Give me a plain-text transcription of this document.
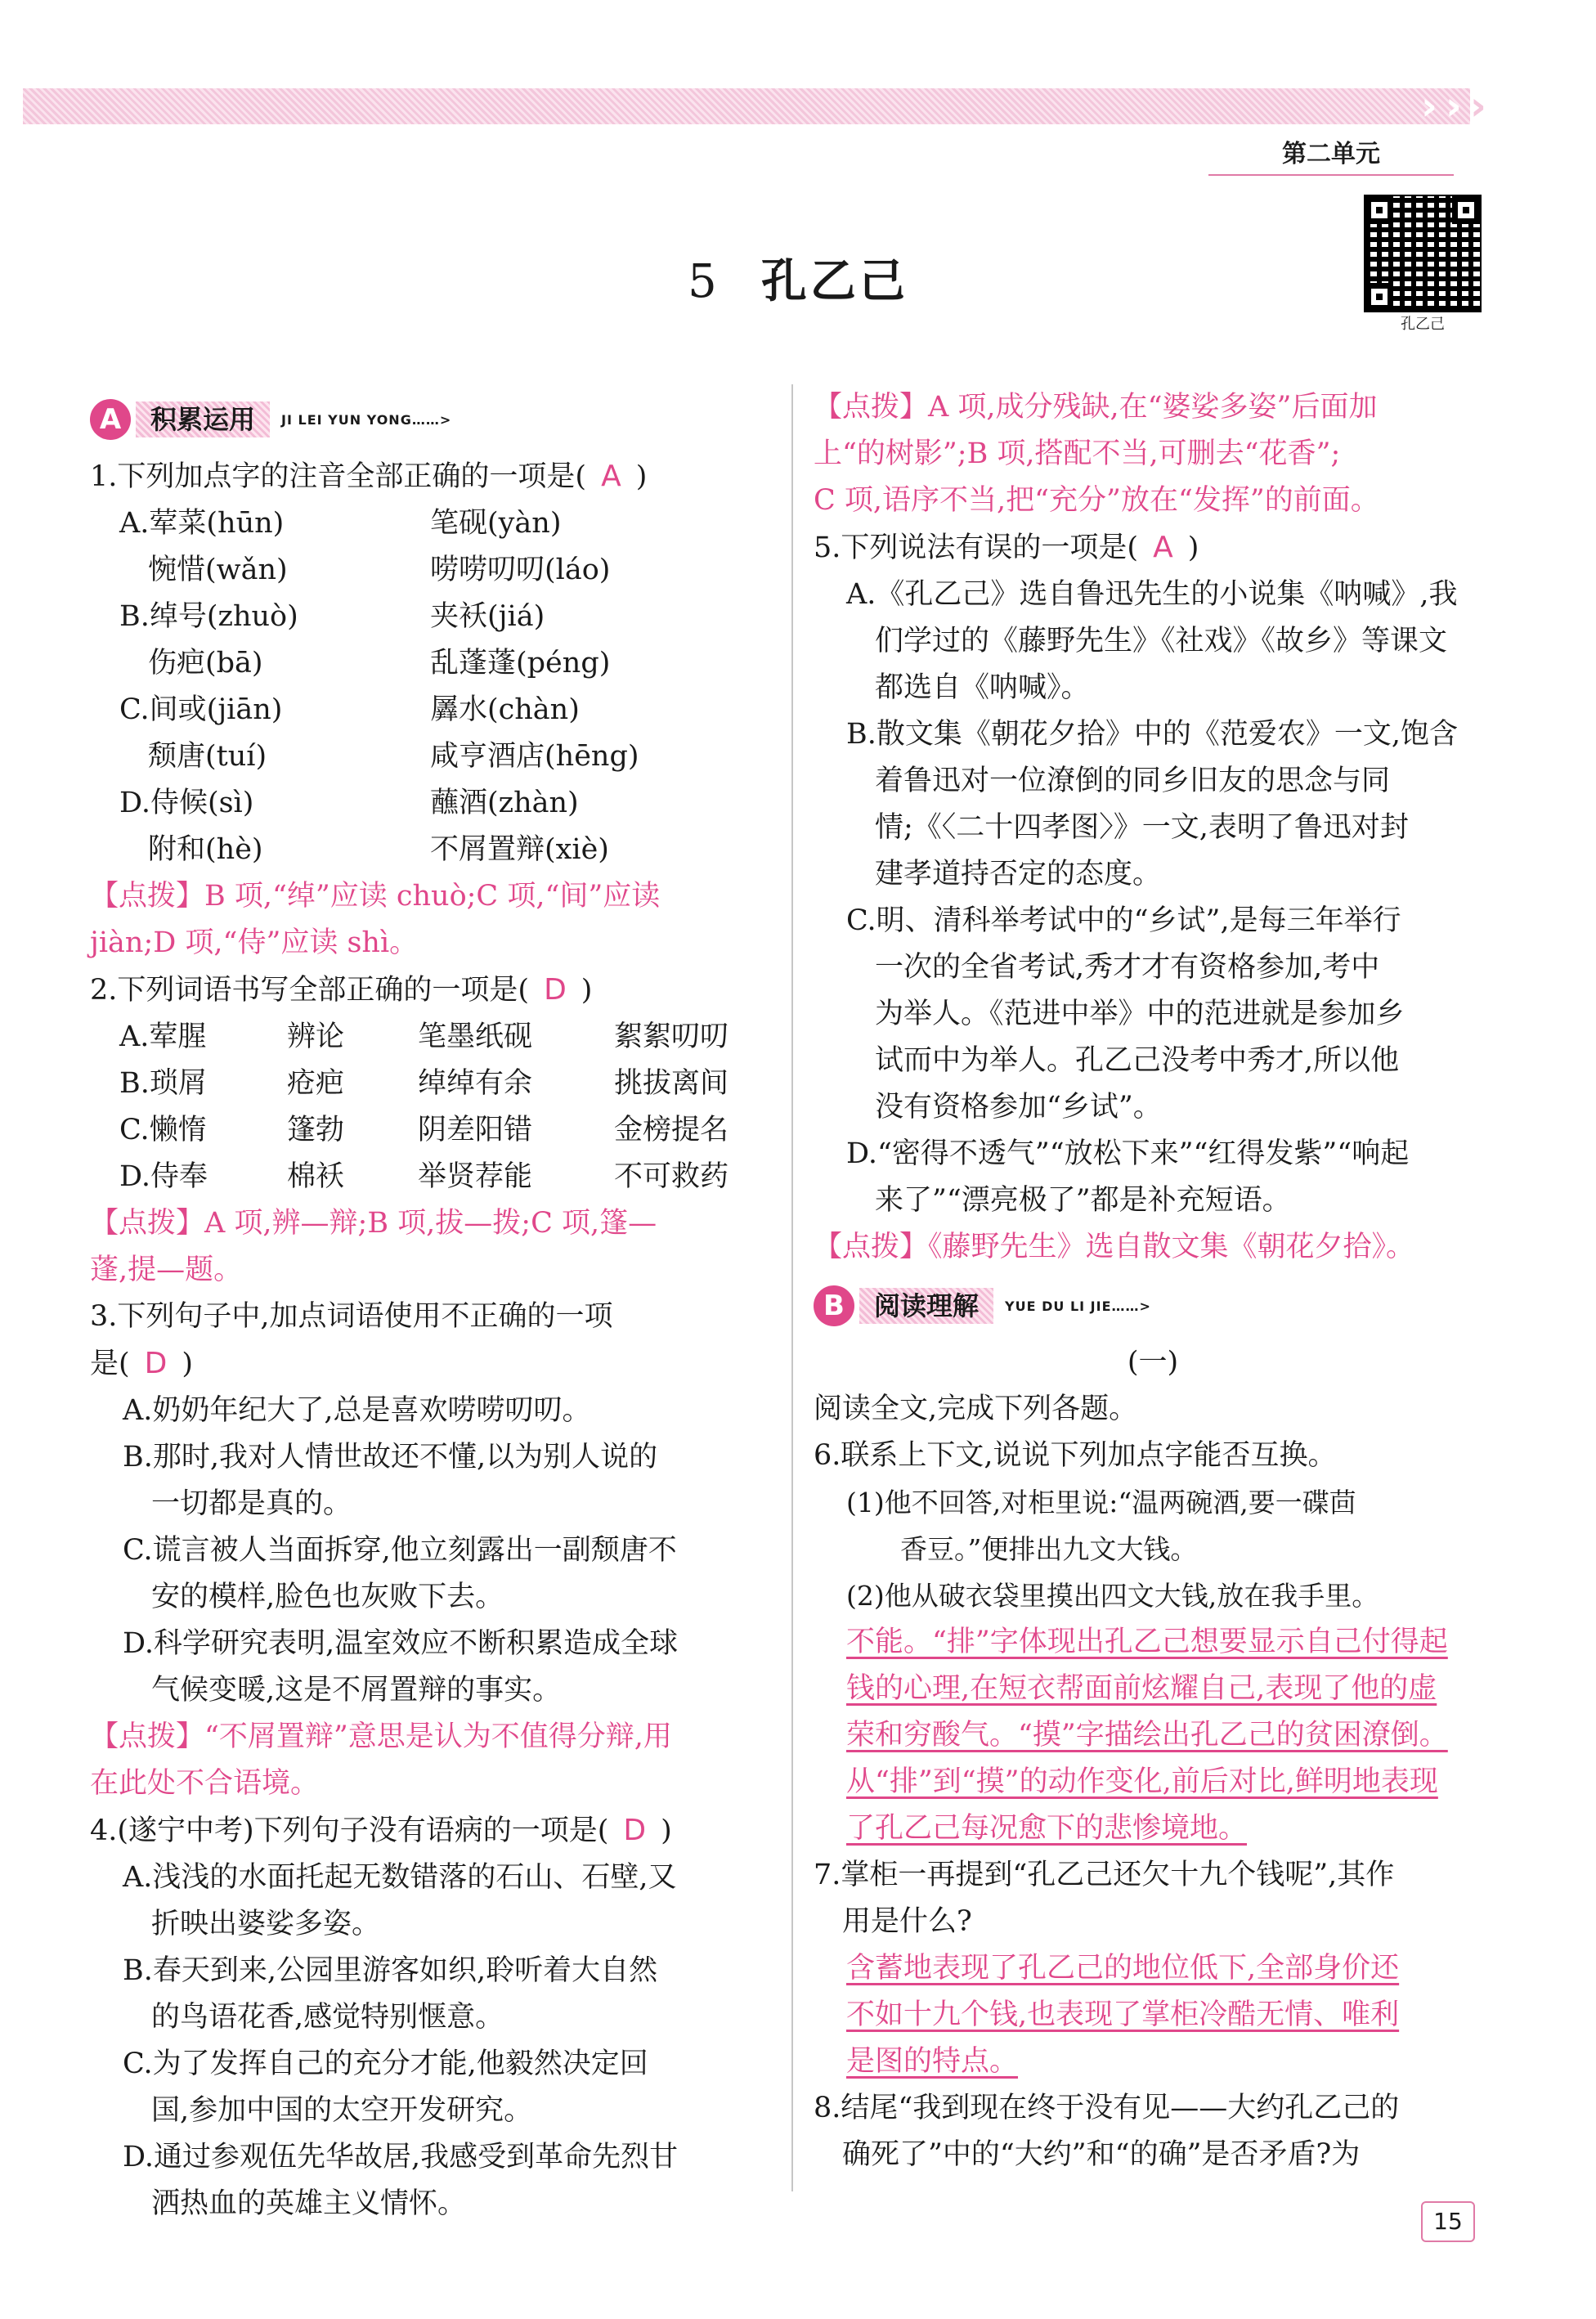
› › ›
第二单元
孔乙己
5 孔乙己
A	积累运用	JI LEI YUN YONG……>
1.下列加点字的注音全部正确的一项是( A )
A.荤菜(hūn)	笔砚(yàn)
　惋惜(wǎn)	唠唠叨叨(láo)
B.绰号(zhuò)	夹袄(jiá)
　伤疤(bā)	乱蓬蓬(péng)
C.间或(jiān)	羼水(chàn)
　颓唐(tuí)	咸亨酒店(hēng)
D.侍候(sì)	蘸酒(zhàn)
　附和(hè)	不屑置辩(xiè)
【点拨】B 项,“绰”应读 chuò;C 项,“间”应读
jiàn;D 项,“侍”应读 shì。
2.下列词语书写全部正确的一项是( D )
A.荤腥	辨论	笔墨纸砚	絮絮叨叨
B.琐屑	疮疤	绰绰有余	挑拔离间
C.懒惰	篷勃	阴差阳错	金榜提名
D.侍奉	棉袄	举贤荐能	不可救药
【点拨】A 项,辨—辩;B 项,拔—拨;C 项,篷—
蓬,提—题。
3.下列句子中,加点词语使用不正确的一项
是( D )
A.奶奶年纪大了,总是喜欢唠唠叨叨。
B.那时,我对人情世故还不懂,以为别人说的
　一切都是真的。
C.谎言被人当面拆穿,他立刻露出一副颓唐不
　安的模样,脸色也灰败下去。
D.科学研究表明,温室效应不断积累造成全球
　气候变暖,这是不屑置辩的事实。
【点拨】“不屑置辩”意思是认为不值得分辩,用
在此处不合语境。
4.(遂宁中考)下列句子没有语病的一项是( D )
A.浅浅的水面托起无数错落的石山、石壁,又
　折映出婆娑多姿。
B.春天到来,公园里游客如织,聆听着大自然
　的鸟语花香,感觉特别惬意。
C.为了发挥自己的充分才能,他毅然决定回
　国,参加中国的太空开发研究。
D.通过参观伍先华故居,我感受到革命先烈甘
　洒热血的英雄主义情怀。
【点拨】A 项,成分残缺,在“婆娑多姿”后面加
上“的树影”;B 项,搭配不当,可删去“花香”;
C 项,语序不当,把“充分”放在“发挥”的前面。
5.下列说法有误的一项是( A )
A.《孔乙己》选自鲁迅先生的小说集《呐喊》,我
　们学过的《藤野先生》《社戏》《故乡》等课文
　都选自《呐喊》。
B.散文集《朝花夕拾》中的《范爱农》一文,饱含
　着鲁迅对一位潦倒的同乡旧友的思念与同
　情;《〈二十四孝图〉》一文,表明了鲁迅对封
　建孝道持否定的态度。
C.明、清科举考试中的“乡试”,是每三年举行
　一次的全省考试,秀才才有资格参加,考中
　为举人。《范进中举》中的范进就是参加乡
　试而中为举人。孔乙己没考中秀才,所以他
　没有资格参加“乡试”。
D.“密得不透气”“放松下来”“红得发紫”“响起
　来了”“漂亮极了”都是补充短语。
【点拨】《藤野先生》选自散文集《朝花夕拾》。
B	阅读理解	YUE DU LI JIE……>
(一)
阅读全文,完成下列各题。
6.联系上下文,说说下列加点字能否互换。
(1)他不回答,对柜里说:“温两碗酒,要一碟茴
　　香豆。”便排出九文大钱。
(2)他从破衣袋里摸出四文大钱,放在我手里。
不能。“排”字体现出孔乙己想要显示自己付得起
钱的心理,在短衣帮面前炫耀自己,表现了他的虚
荣和穷酸气。“摸”字描绘出孔乙己的贫困潦倒。
从“排”到“摸”的动作变化,前后对比,鲜明地表现
了孔乙己每况愈下的悲惨境地。
7.掌柜一再提到“孔乙己还欠十九个钱呢”,其作
　用是什么?
含蓄地表现了孔乙己的地位低下,全部身价还
不如十九个钱,也表现了掌柜冷酷无情、唯利
是图的特点。
8.结尾“我到现在终于没有见——大约孔乙己的
　确死了”中的“大约”和“的确”是否矛盾?为
15
